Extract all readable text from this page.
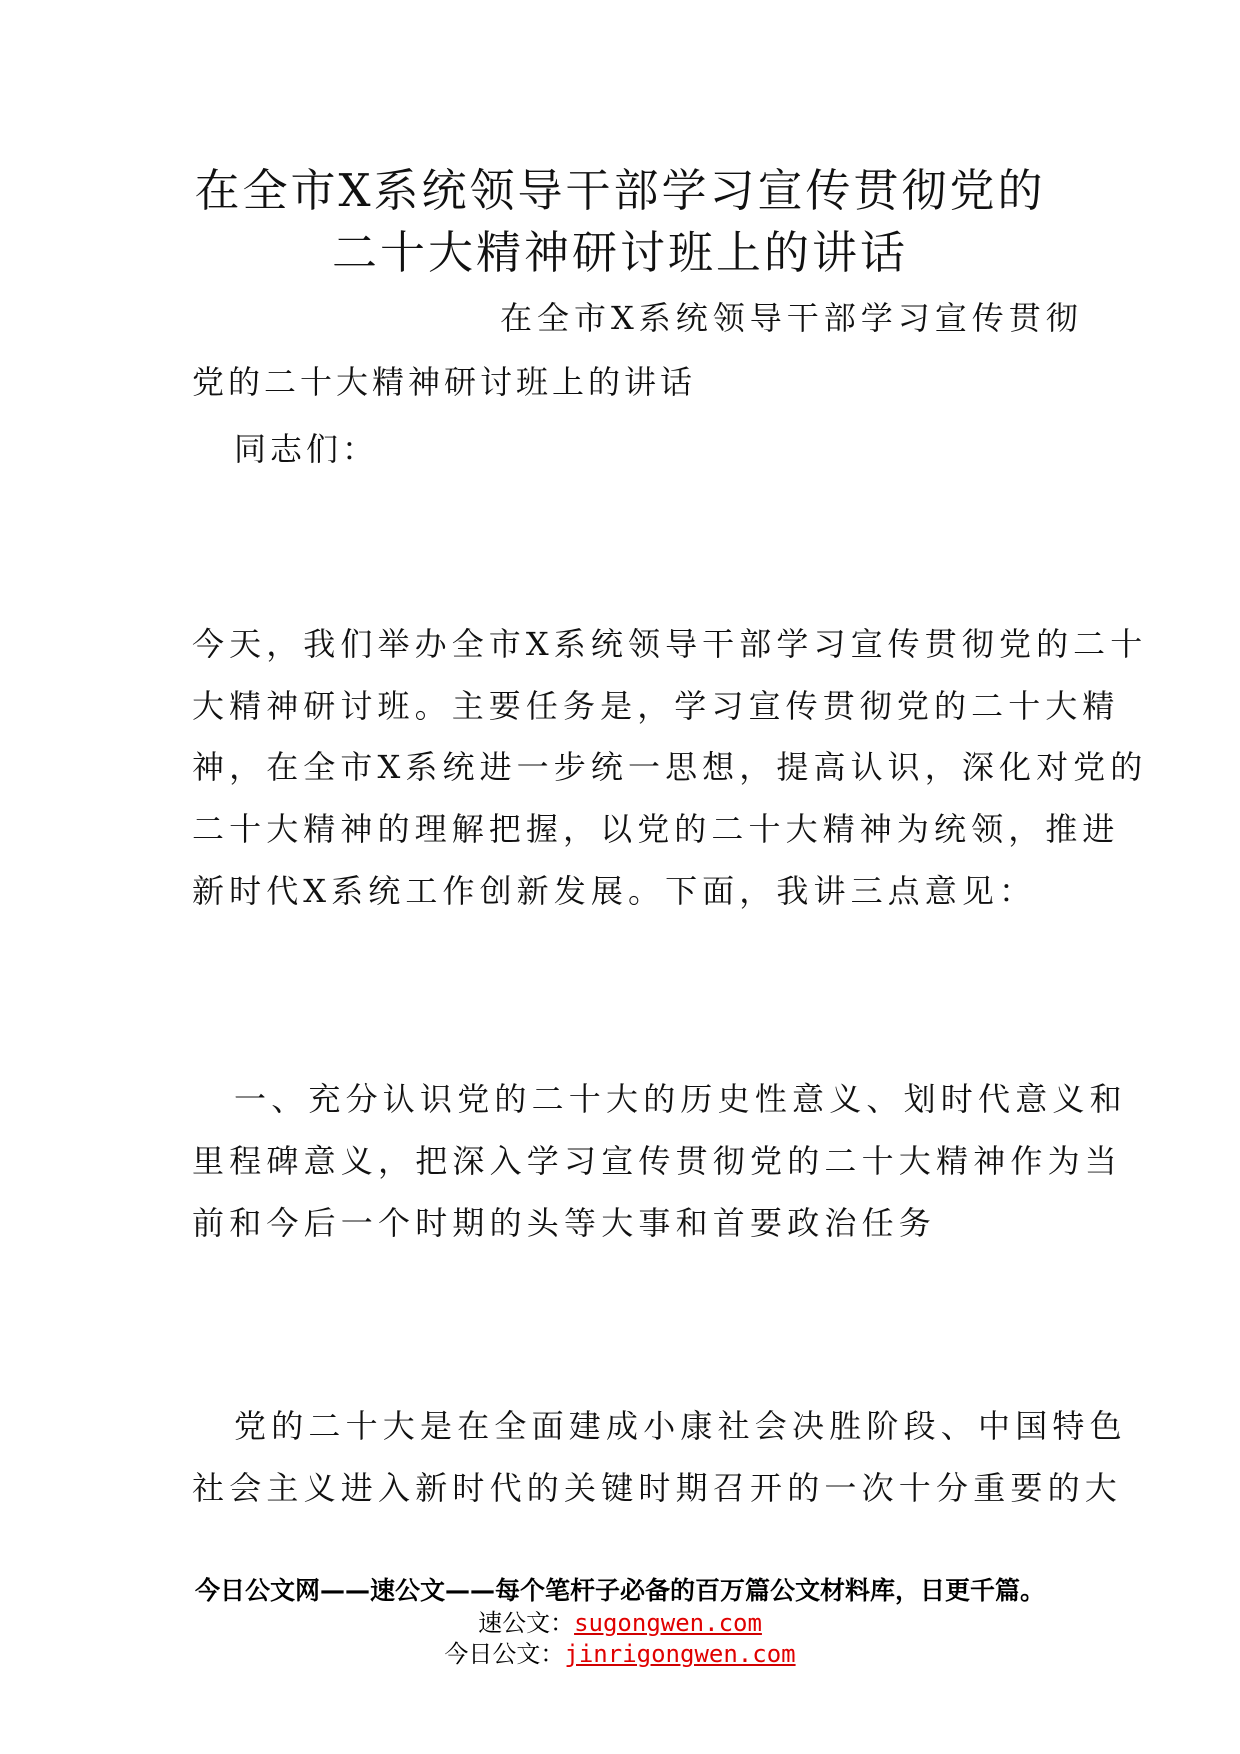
在全市X系统领导干部学习宣传贯彻党的
二十大精神研讨班上的讲话
在全市X系统领导干部学习宣传贯彻
党的二十大精神研讨班上的讲话
同志们：
今天，我们举办全市X系统领导干部学习宣传贯彻党的二十
大精神研讨班。主要任务是，学习宣传贯彻党的二十大精
神，在全市X系统进一步统一思想，提高认识，深化对党的
二十大精神的理解把握，以党的二十大精神为统领，推进
新时代X系统工作创新发展。下面，我讲三点意见：
一、充分认识党的二十大的历史性意义、划时代意义和
里程碑意义，把深入学习宣传贯彻党的二十大精神作为当
前和今后一个时期的头等大事和首要政治任务
党的二十大是在全面建成小康社会决胜阶段、中国特色
社会主义进入新时代的关键时期召开的一次十分重要的大
今日公文网——速公文——每个笔杆子必备的百万篇公文材料库，日更千篇。
速公文：sugongwen.com
今日公文：jinrigongwen.com
